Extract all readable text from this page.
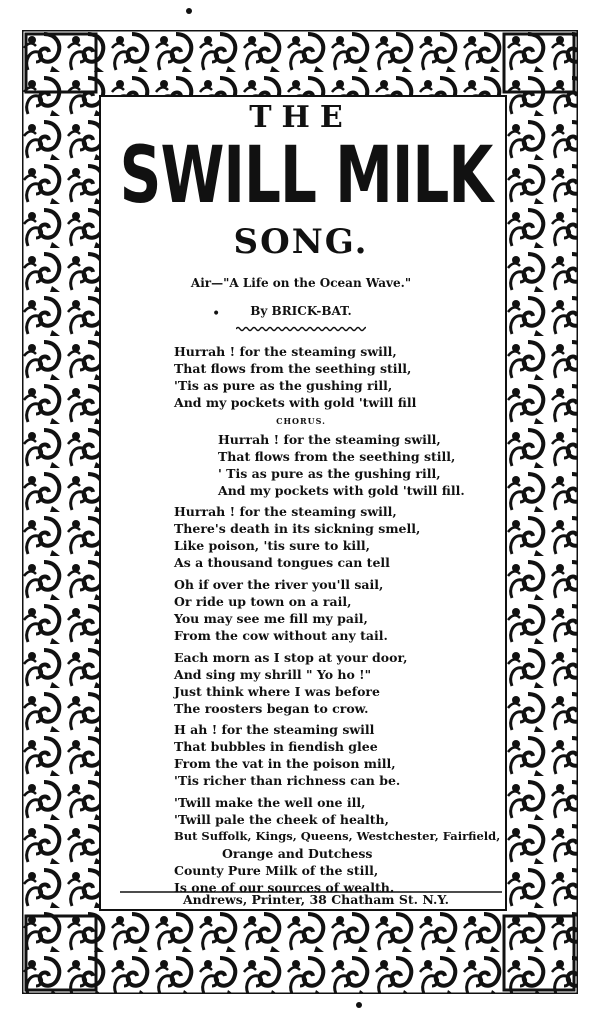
THE
SWILL MILK
SONG.
Air—"A Life on the Ocean Wave."
•	By BRICK-BAT.
Hurrah ! for the steaming swill,
That flows from the seething still,
'Tis as pure as the gushing rill,
And my pockets with gold 'twill fill
CHORUS.
Hurrah ! for the steaming swill,
That flows from the seething still,
' Tis as pure as the gushing rill,
And my pockets with gold 'twill fill.
Hurrah ! for the steaming swill,
There's death in its sickning smell,
Like poison, 'tis sure to kill,
As a thousand tongues can tell
Oh if over the river you'll sail,
Or ride up town on a rail,
You may see me fill my pail,
From the cow without any tail.
Each morn as I stop at your door,
And sing my shrill " Yo ho !"
Just think where I was before
The roosters began to crow.
H ah ! for the steaming swill
That bubbles in fiendish glee
From the vat in the poison mill,
'Tis richer than richness can be.
'Twill make the well one ill,
'Twill pale the cheek of health,
But Suffolk, Kings, Queens, Westchester, Fairfield,
Orange and Dutchess
County Pure Milk of the still,
Is one of our sources of wealth.
Andrews, Printer, 38 Chatham St. N.Y.
